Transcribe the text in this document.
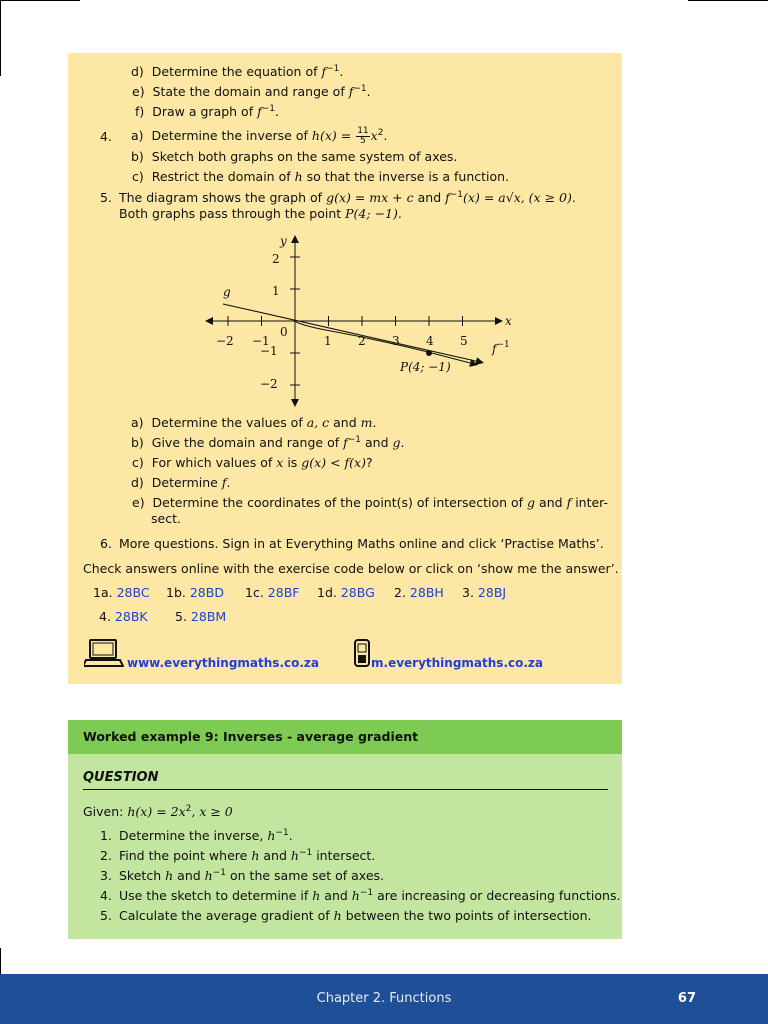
d) Determine the equation of $f^{-1}$.
e) State the domain and range of $f^{-1}$.
f) Draw a graph of $f^{-1}$.
4. a) Determine the inverse of $h(x) = \frac{11}{5} x^2$.
b) Sketch both graphs on the same system of axes.
c) Restrict the domain of h so that the inverse is a function.
5. The diagram shows the graph of g(x) = mx + c and $f^{-1}(x) = a√x$, (x ≥ 0).
Both graphs pass through the point P(4; −1).
y
x
0
−2 −1	1 2 3 4 5
2
1
−1
−2
g
$f^{-1}$
P(4; −1)
a) Determine the values of a, c and m.
b) Give the domain and range of $f^{-1}$ and g.
c) For which values of x is g(x) < f(x)?
d) Determine f.
e) Determine the coordinates of the point(s) of intersection of g and f inter-
sect.
6. More questions. Sign in at Everything Maths online and click ‘Practise Maths’.
Check answers online with the exercise code below or click on ‘show me the answer’.
1a. 28BC 1b. 28BD 1c. 28BF 1d. 28BG 2. 28BH 3. 28BJ
4. 28BK 5. 28BM
www.everythingmaths.co.za	m.everythingmaths.co.za
Worked example 9: Inverses - average gradient
QUESTION
Given: $h(x) = 2x^2$, x ≥ 0
1. Determine the inverse, $h^{-1}$.
2. Find the point where h and $h^{-1}$ intersect.
3. Sketch h and $h^{-1}$ on the same set of axes.
4. Use the sketch to determine if h and $h^{-1}$ are increasing or decreasing functions.
5. Calculate the average gradient of h between the two points of intersection.
Chapter 2. Functions	67
